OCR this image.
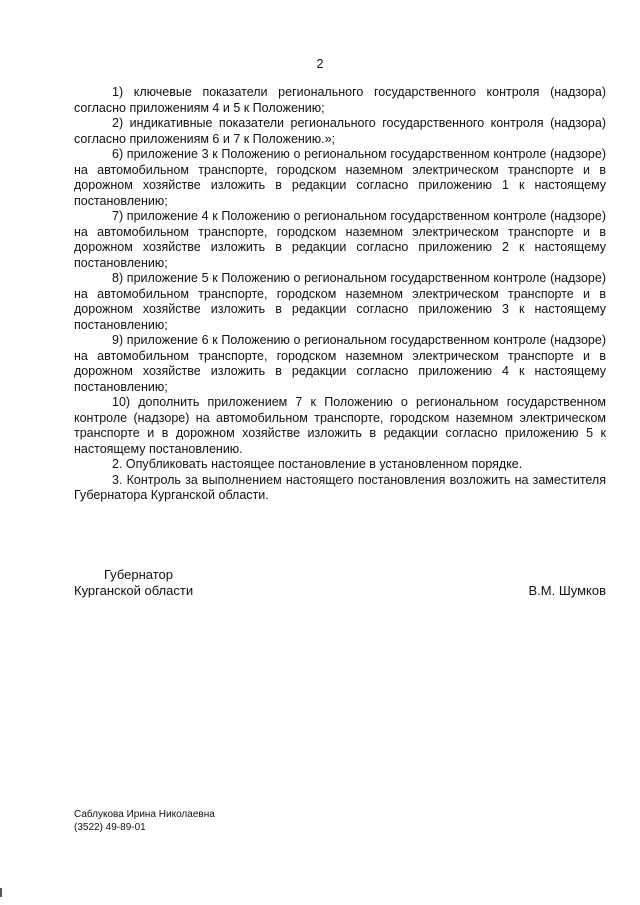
2

1) ключевые показатели регионального государственного контроля (надзора) согласно приложениям 4 и 5 к Положению;

2) индикативные показатели регионального государственного контроля (надзора) согласно приложениям 6 и 7 к Положению.»;

6) приложение 3 к Положению о региональном государственном контроле (надзоре) на автомобильном транспорте, городском наземном электрическом транспорте и в дорожном хозяйстве изложить в редакции согласно приложению 1 к настоящему постановлению;

7) приложение 4 к Положению о региональном государственном контроле (надзоре) на автомобильном транспорте, городском наземном электрическом транспорте и в дорожном хозяйстве изложить в редакции согласно приложению 2 к настоящему постановлению;

8) приложение 5 к Положению о региональном государственном контроле (надзоре) на автомобильном транспорте, городском наземном электрическом транспорте и в дорожном хозяйстве изложить в редакции согласно приложению 3 к настоящему постановлению;

9) приложение 6 к Положению о региональном государственном контроле (надзоре) на автомобильном транспорте, городском наземном электрическом транспорте и в дорожном хозяйстве изложить в редакции согласно приложению 4 к настоящему постановлению;

10) дополнить приложением 7 к Положению о региональном государственном контроле (надзоре) на автомобильном транспорте, городском наземном электрическом транспорте и в дорожном хозяйстве изложить в редакции согласно приложению 5 к настоящему постановлению.

2. Опубликовать настоящее постановление в установленном порядке.

3. Контроль за выполнением настоящего постановления возложить на заместителя Губернатора Курганской области.

Губернатор
Курганской области	В.М. Шумков
Саблукова Ирина Николаевна
(3522) 49-89-01
